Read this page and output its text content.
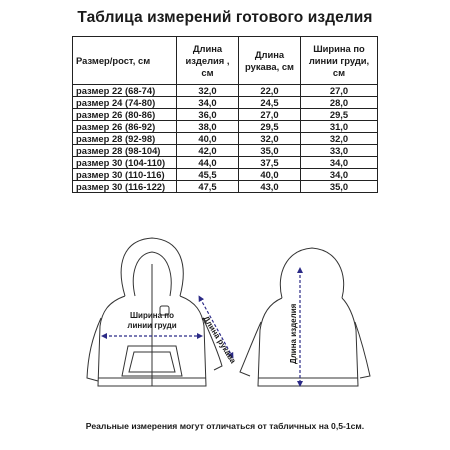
Таблица измерений готового изделия
Размер/рост, см	Длина изделия , см	Длина рукава, см	Ширина по линии груди, см
размер 22 (68-74)	32,0	22,0	27,0
размер 24 (74-80)	34,0	24,5	28,0
размер 26 (80-86)	36,0	27,0	29,5
размер 26 (86-92)	38,0	29,5	31,0
размер 28 (92-98)	40,0	32,0	32,0
размер 28 (98-104)	42,0	35,0	33,0
размер 30 (104-110)	44,0	37,5	34,0
размер 30 (110-116)	45,5	40,0	34,0
размер 30 (116-122)	47,5	43,0	35,0
Ширина по
линии груди	Длина рукава	Длина изделия
Реальные измерения могут отличаться от табличных на 0,5-1см.
